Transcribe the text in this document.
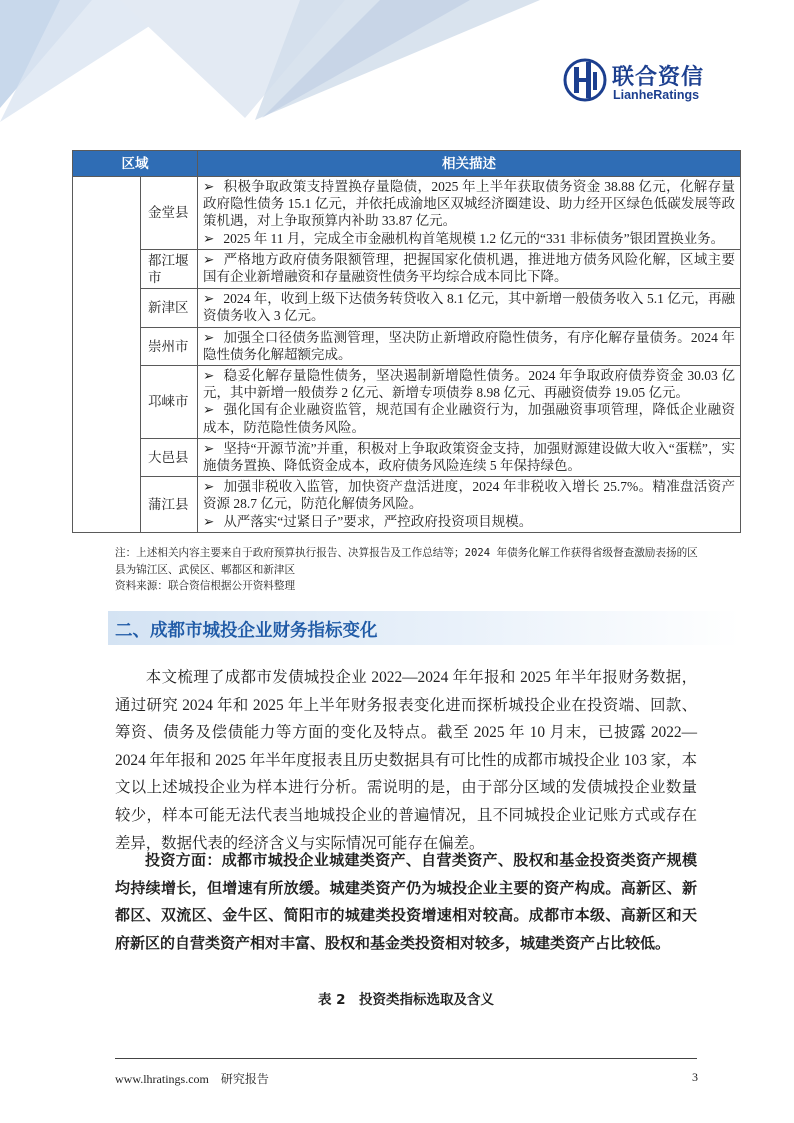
联合资信
LianheRatings
区域		相关描述
	金堂县	➢ 积极争取政策支持置换存量隐债，2025 年上半年获取债务资金 38.88 亿元，化解存量政府隐性债务 15.1 亿元，并依托成渝地区双城经济圈建设、助力经开区绿色低碳发展等政策机遇，对上争取预算内补助 33.87 亿元。
➢ 2025 年 11 月，完成全市金融机构首笔规模 1.2 亿元的“331 非标债务”银团置换业务。

	都江堰市	➢ 严格地方政府债务限额管理，把握国家化债机遇，推进地方债务风险化解，区域主要国有企业新增融资和存量融资性债务平均综合成本同比下降。

	新津区	➢ 2024 年，收到上级下达债务转贷收入 8.1 亿元，其中新增一般债务收入 5.1 亿元，再融资债务收入 3 亿元。

	崇州市	➢ 加强全口径债务监测管理，坚决防止新增政府隐性债务，有序化解存量债务。2024 年隐性债务化解超额完成。

	邛崃市	➢ 稳妥化解存量隐性债务，坚决遏制新增隐性债务。2024 年争取政府债券资金 30.03 亿元，其中新增一般债券 2 亿元、新增专项债券 8.98 亿元、再融资债券 19.05 亿元。
➢ 强化国有企业融资监管，规范国有企业融资行为，加强融资事项管理，降低企业融资成本，防范隐性债务风险。

	大邑县	➢ 坚持“开源节流”并重，积极对上争取政策资金支持，加强财源建设做大收入“蛋糕”，实施债务置换、降低资金成本，政府债务风险连续 5 年保持绿色。

	蒲江县	➢ 加强非税收入监管，加快资产盘活进度，2024 年非税收入增长 25.7%。精准盘活资产资源 28.7 亿元，防范化解债务风险。
➢ 从严落实“过紧日子”要求，严控政府投资项目规模。

注：上述相关内容主要来自于政府预算执行报告、决算报告及工作总结等；2024 年债务化解工作获得省级督查激励表扬的区县为锦江区、武侯区、郫都区和新津区

资料来源：联合资信根据公开资料整理

二、成都市城投企业财务指标变化

本文梳理了成都市发债城投企业 2022—2024 年年报和 2025 年半年报财务数据，通过研究 2024 年和 2025 年上半年财务报表变化进而探析城投企业在投资端、回款、筹资、债务及偿债能力等方面的变化及特点。截至 2025 年 10 月末，已披露 2022—2024 年年报和 2025 年半年度报表且历史数据具有可比性的成都市城投企业 103 家，本文以上述城投企业为样本进行分析。需说明的是，由于部分区域的发债城投企业数量较少，样本可能无法代表当地城投企业的普遍情况，且不同城投企业记账方式或存在差异，数据代表的经济含义与实际情况可能存在偏差。

投资方面：成都市城投企业城建类资产、自营类资产、股权和基金投资类资产规模均持续增长，但增速有所放缓。城建类资产仍为城投企业主要的资产构成。高新区、新都区、双流区、金牛区、简阳市的城建类投资增速相对较高。成都市本级、高新区和天府新区的自营类资产相对丰富、股权和基金类投资相对较多，城建类资产占比较低。

表 2　投资类指标选取及含义
www.lhratings.com 研究报告	3
